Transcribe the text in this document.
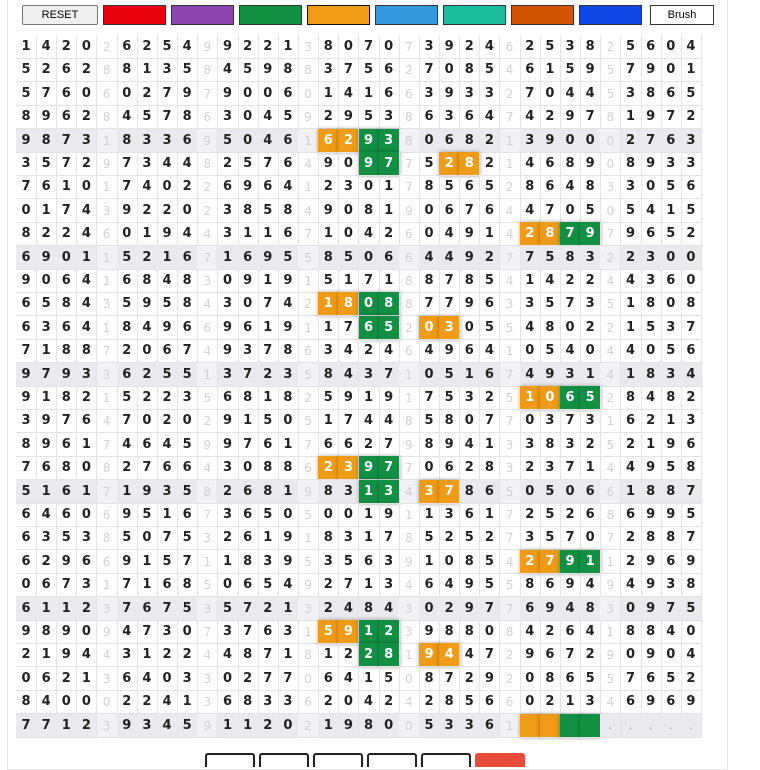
RESET	Brush
1 4 2 0 2 6 2 5 4 9 9 2 2 1 3 8 0 7 0 7 3 9 2 4 6 2 5 3 8 2 5 6 0 4
5 2 6 2 8 8 1 3 5 8 4 5 9 8 8 3 7 5 6 2 7 0 8 5 4 6 1 5 9 5 7 9 0 1
5 7 6 0 6 0 2 7 9 7 9 0 0 6 0 1 4 1 6 6 3 9 3 3 2 7 0 4 4 5 3 8 6 5
8 9 6 2 8 4 5 7 8 6 3 0 4 5 9 2 9 5 3 8 6 3 6 4 7 4 2 9 7 8 1 9 7 2
9 8 7 3 1 8 3 3 6 9 5 0 4 6 1 6 2 9 3 8 0 6 8 2 1 3 9 0 0 0 2 7 6 3
3 5 7 2 9 7 3 4 4 8 2 5 7 6 4 9 0 9 7 7 5 2 8 2 1 4 6 8 9 0 8 9 3 3
7 6 1 0 1 7 4 0 2 2 6 9 6 4 1 2 3 0 1 7 8 5 6 5 2 8 6 4 8 3 3 0 5 6
0 1 7 4 3 9 2 2 0 2 3 8 5 8 4 9 0 8 1 9 0 6 7 6 4 4 7 0 5 0 5 4 1 5
8 2 2 4 6 0 1 9 4 4 3 1 1 6 7 1 0 4 2 6 0 4 9 1 4 2 8 7 9 7 9 6 5 2
6 9 0 1 1 5 2 1 6 7 1 6 9 5 5 8 5 0 6 6 4 4 9 2 7 7 5 8 3 2 2 3 0 0
9 0 6 4 1 6 8 4 8 3 0 9 1 9 1 5 1 7 1 8 8 7 8 5 4 1 4 2 2 4 4 3 6 0
6 5 8 4 3 5 9 5 8 4 3 0 7 4 2 1 8 0 8 8 7 7 9 6 3 3 5 7 3 5 1 8 0 8
6 3 6 4 1 8 4 9 6 6 9 6 1 9 1 1 7 6 5 2 0 3 0 5 5 4 8 0 2 2 1 5 3 7
7 1 8 8 7 2 0 6 7 4 9 3 7 8 6 3 4 2 4 6 4 9 6 4 1 0 5 4 0 4 4 0 5 6
9 7 9 3 3 6 2 5 5 1 3 7 2 3 5 8 4 3 7 1 0 5 1 6 7 4 9 3 1 4 1 8 3 4
9 1 8 2 1 5 2 2 3 5 6 8 1 8 2 5 9 1 9 1 7 5 3 2 5 1 0 6 5 2 8 4 8 2
3 9 7 6 4 7 0 2 0 2 9 1 5 0 5 1 7 4 4 8 5 8 0 7 7 0 3 7 3 1 6 2 1 3
8 9 6 1 7 4 6 4 5 9 9 7 6 1 7 6 6 2 7 9 8 9 4 1 3 3 8 3 2 5 2 1 9 6
7 6 8 0 8 2 7 6 6 4 3 0 8 8 6 2 3 9 7 7 0 6 2 8 3 2 3 7 1 4 4 9 5 8
5 1 6 1 7 1 9 3 5 8 2 6 8 1 9 8 3 1 3 4 3 7 8 6 5 0 5 0 6 6 1 8 8 7
6 4 6 0 6 9 5 1 6 7 3 6 5 0 5 0 0 1 9 1 1 3 6 1 7 2 5 2 6 8 6 9 9 5
6 3 5 3 8 5 0 7 5 3 2 6 1 9 1 8 3 1 7 8 5 2 5 2 7 3 5 7 0 7 2 8 8 7
6 2 9 6 6 9 1 5 7 1 1 8 3 9 5 3 5 6 3 9 1 0 8 5 4 2 7 9 1 1 2 9 6 9
0 6 7 3 1 7 1 6 8 5 0 6 5 4 9 2 7 1 3 4 6 4 9 5 5 8 6 9 4 9 4 9 3 8
6 1 1 2 3 7 6 7 5 3 5 7 2 1 3 2 4 8 4 3 0 2 9 7 7 6 9 4 8 3 0 9 7 5
9 8 9 0 9 4 7 3 0 7 3 7 6 3 1 5 9 1 2 3 9 8 8 0 8 4 2 6 4 1 8 8 4 0
2 1 9 4 4 3 1 2 2 4 4 8 7 1 8 1 2 2 8 1 9 4 4 7 2 9 6 7 2 9 0 9 0 4
0 6 2 1 3 6 4 0 3 3 0 2 7 7 0 6 4 1 5 0 8 7 2 9 2 0 8 6 5 5 7 6 5 2
8 4 0 0 0 2 2 4 1 3 6 8 3 3 6 2 0 4 2 4 2 8 5 6 6 0 2 1 3 4 6 9 6 9
7 7 1 2 3 9 3 4 5 9 1 1 2 0 2 1 9 8 0 0 5 3 3 6 1	.	.	.	.	.
